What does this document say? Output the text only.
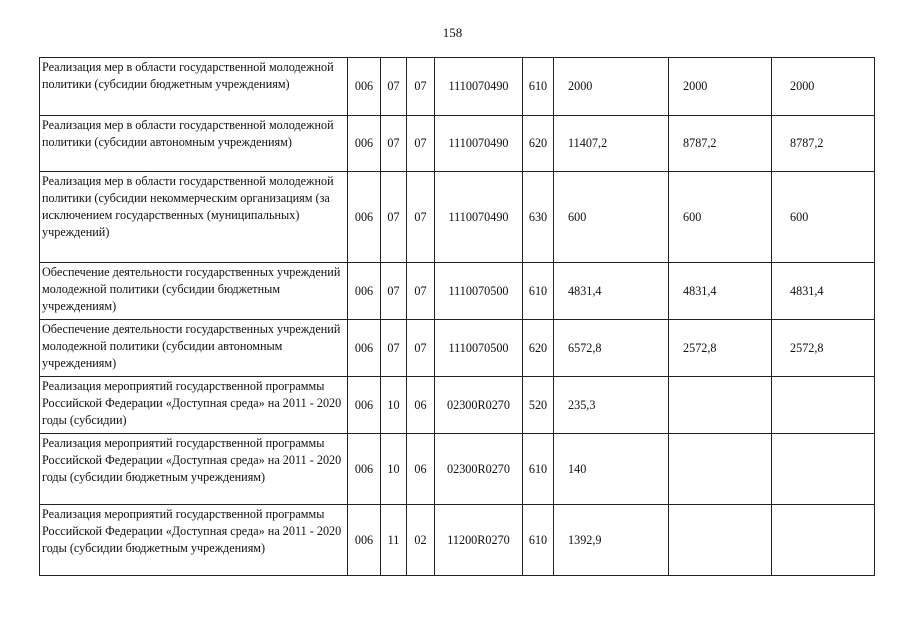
158
Реализация мер в области государственной молодежной политики (субсидии бюджетным учреждениям)	006	07	07	1110070490	610	2000	2000	2000
Реализация мер в области государственной молодежной политики (субсидии автономным учреждениям)	006	07	07	1110070490	620	11407,2	8787,2	8787,2
Реализация мер в области государственной молодежной политики (субсидии некоммерческим организациям (за исключением государственных (муниципальных) учреждений)	006	07	07	1110070490	630	600	600	600
Обеспечение деятельности государственных учреждений молодежной политики (субсидии бюджетным учреждениям)	006	07	07	1110070500	610	4831,4	4831,4	4831,4
Обеспечение деятельности государственных учреждений молодежной политики (субсидии автономным учреждениям)	006	07	07	1110070500	620	6572,8	2572,8	2572,8
Реализация мероприятий государственной программы Российской Федерации «Доступная среда» на 2011 - 2020 годы (субсидии)	006	10	06	02300R0270	520	235,3		
Реализация мероприятий государственной программы Российской Федерации «Доступная среда» на 2011 - 2020 годы (субсидии бюджетным учреждениям)	006	10	06	02300R0270	610	140		
Реализация мероприятий государственной программы Российской Федерации «Доступная среда» на 2011 - 2020 годы (субсидии бюджетным учреждениям)	006	11	02	11200R0270	610	1392,9		
